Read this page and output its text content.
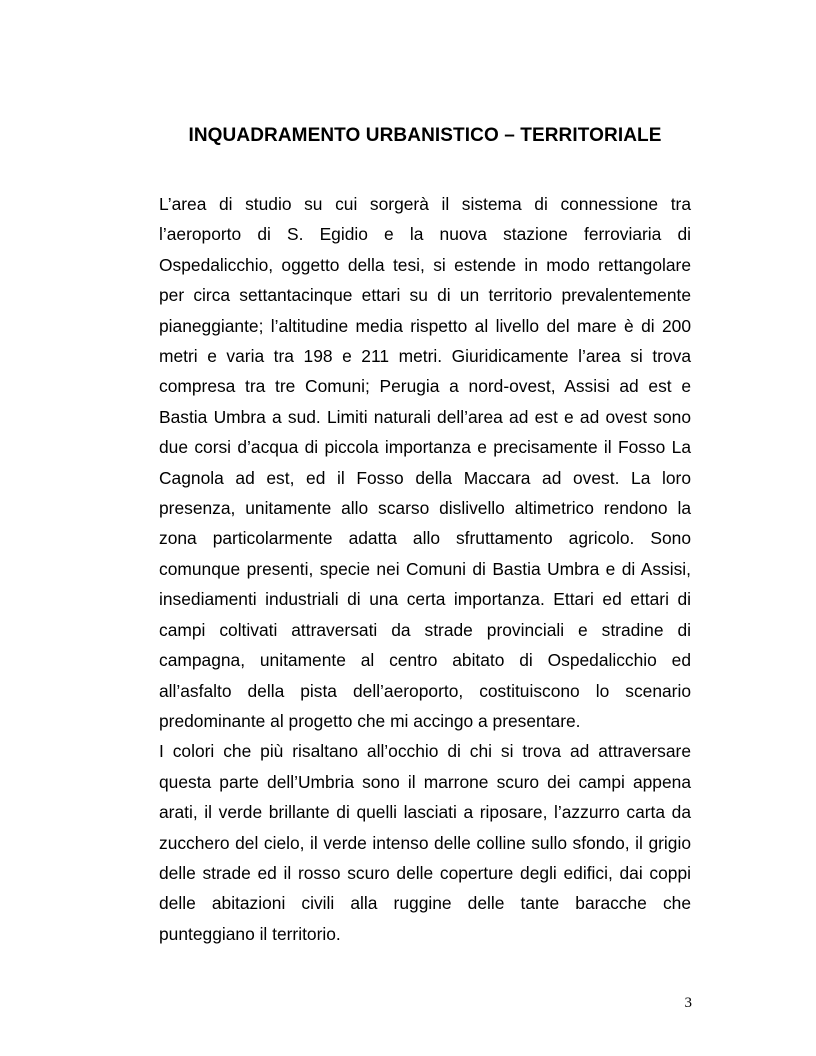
INQUADRAMENTO URBANISTICO – TERRITORIALE

L’area di studio su cui sorgerà il sistema di connessione tra l’aeroporto di S. Egidio e la nuova stazione ferroviaria di Ospedalicchio, oggetto della tesi, si estende in modo rettangolare per circa settantacinque ettari su di un territorio prevalentemente pianeggiante; l’altitudine media rispetto al livello del mare è di 200 metri e varia tra 198 e 211 metri. Giuridicamente l’area si trova compresa tra tre Comuni; Perugia a nord-ovest, Assisi ad est e Bastia Umbra a sud. Limiti naturali dell’area ad est e ad ovest sono due corsi d’acqua di piccola importanza e precisamente il Fosso La Cagnola ad est, ed il Fosso della Maccara ad ovest. La loro presenza, unitamente allo scarso dislivello altimetrico rendono la zona particolarmente adatta allo sfruttamento agricolo. Sono comunque presenti, specie nei Comuni di Bastia Umbra e di Assisi, insediamenti industriali di una certa importanza. Ettari ed ettari di campi coltivati attraversati da strade provinciali e stradine di campagna, unitamente al centro abitato di Ospedalicchio ed all’asfalto della pista dell’aeroporto, costituiscono lo scenario predominante al progetto che mi accingo a presentare.

I colori che più risaltano all’occhio di chi si trova ad attraversare questa parte dell’Umbria sono il marrone scuro dei campi appena arati, il verde brillante di quelli lasciati a riposare, l’azzurro carta da zucchero del cielo, il verde intenso delle colline sullo sfondo, il grigio delle strade ed il rosso scuro delle coperture degli edifici, dai coppi delle abitazioni civili alla ruggine delle tante baracche che punteggiano il territorio.

3
